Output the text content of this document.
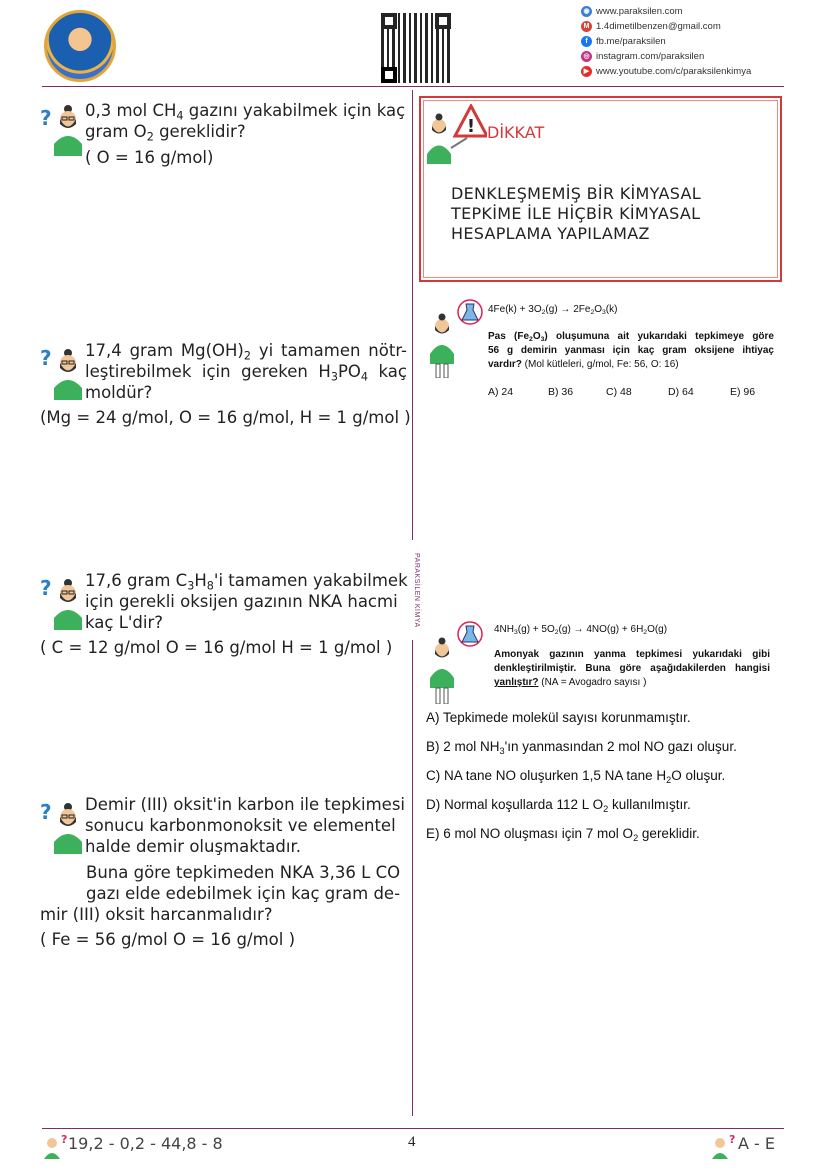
◉ www.paraksilen.com
M 1.4dimetilbenzen@gmail.com
f fb.me/paraksilen
◎ instagram.com/paraksilen
▶ www.youtube.com/c/paraksilenkimya
PARAKSİLEN KİMYA
? 0,3 mol $CH_4$ gazını yakabilmek için kaç
gram $O_2$ gereklidir?
( O = 16 g/mol)
? 17,4 gram $Mg(OH)_2$ yi tamamen nötr-
leştirebilmek için gereken $H_3PO_4$ kaç
moldür?
(Mg = 24 g/mol, O = 16 g/mol, H = 1 g/mol )
? 17,6 gram $C_3H_8'i$ tamamen yakabilmek
için gerekli oksijen gazının NKA hacmi
kaç L'dir?
( C = 12 g/mol O = 16 g/mol H = 1 g/mol )
? Demir (III) oksit'in karbon ile tepkimesi
sonucu karbonmonoksit ve elementel
halde demir oluşmaktadır.
Buna göre tepkimeden NKA 3,36 L CO
gazı elde edebilmek için kaç gram de-
mir (III) oksit harcanmalıdır?
( Fe = 56 g/mol O = 16 g/mol )
! DİKKAT
DENKLEŞMEMİŞ BİR KİMYASAL
TEPKİME İLE HİÇBİR KİMYASAL
HESAPLAMA YAPILAMAZ
$4Fe(k) + 3O_2(g) \to 2Fe_2O_3(k)$
Pas $(Fe_2O_3)$ oluşumuna ait yukarıdaki tepkimeye göre
56 g demirin yanması için kaç gram oksijene ihtiyaç
vardır? (Mol kütleleri, g/mol, Fe: 56, O: 16)
A) 24	B) 36	C) 48	D) 64	E) 96
$4NH_3(g) + 5O_2(g) \to 4NO(g) + 6H_2O(g)$
Amonyak gazının yanma tepkimesi yukarıdaki gibi
denkleştirilmiştir. Buna göre aşağıdakilerden hangisi
yanlıştır? (NA = Avogadro sayısı )
A) Tepkimede molekül sayısı korunmamıştır.
B) 2 mol $NH_3'ın$ yanmasından 2 mol NO gazı oluşur.
C) NA tane NO oluşurken 1,5 NA tane $H_2O$ oluşur.
D) Normal koşullarda 112 L $O_2$ kullanılmıştır.
E) 6 mol NO oluşması için 7 mol $O_2$ gereklidir.
? 19,2 - 0,2 - 44,8 - 8	4	? A - E
